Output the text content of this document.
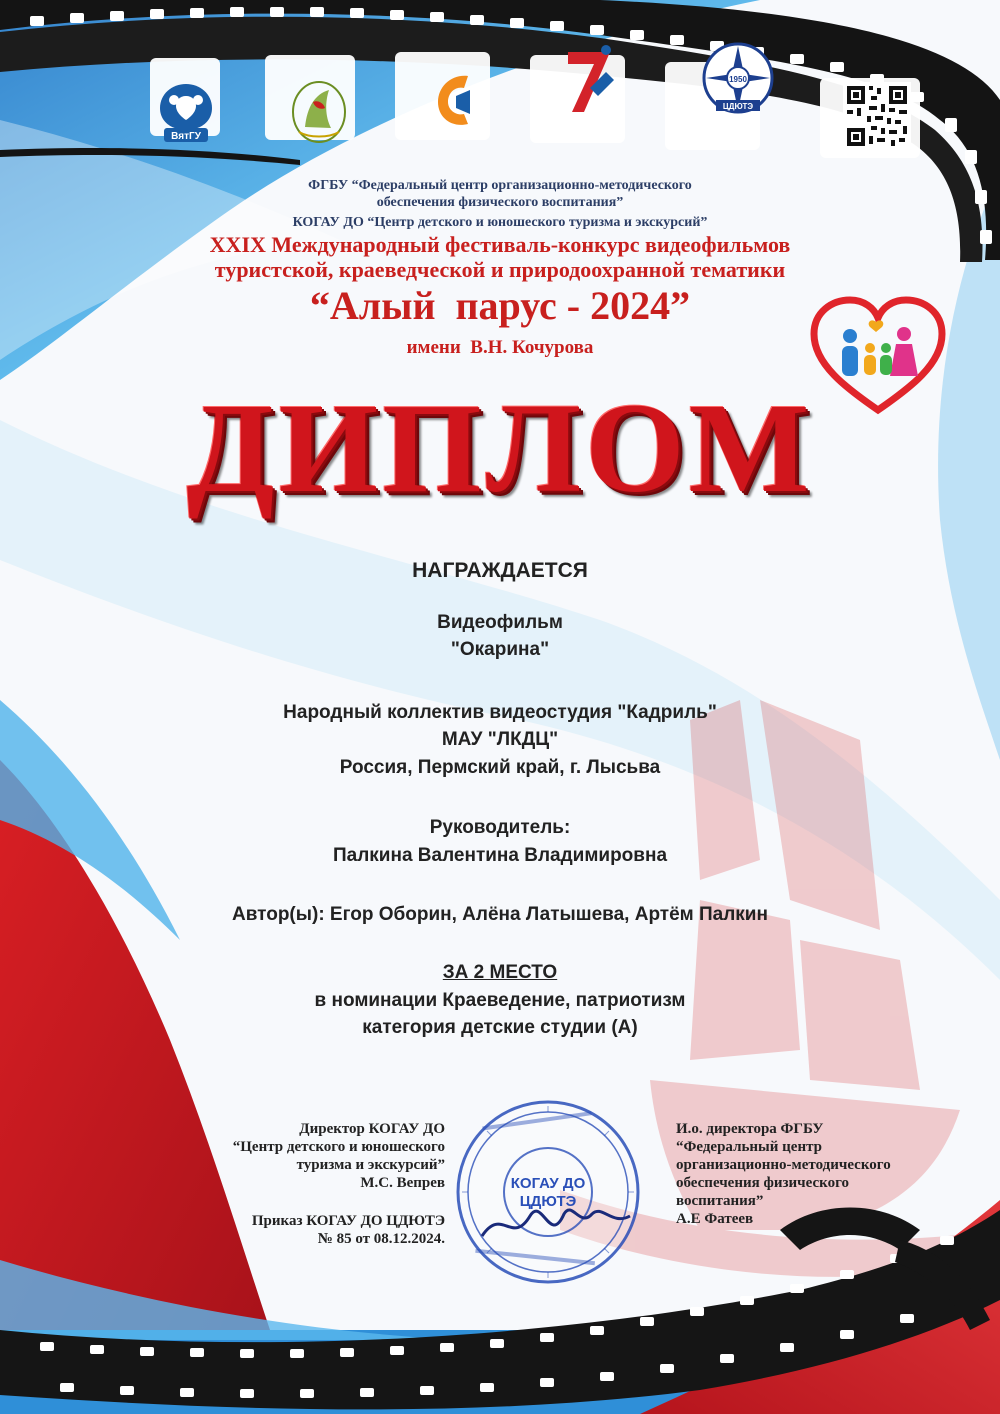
ВятГУ
1950
ЦДЮТЭ
ФГБУ “Федеральный центр организационно-методического
обеспечения физического воспитания”
КОГАУ ДО “Центр детского и юношеского туризма и экскурсий”
XXIX Международный фестиваль-конкурс видеофильмов
туристской, краеведческой и природоохранной тематики
“Алый  парус - 2024”
имени  В.Н. Кочурова
ДИПЛОМ
НАГРАЖДАЕТСЯ
Видеофильм
"Окарина"
Народный коллектив видеостудия "Кадриль"
МАУ "ЛКДЦ"
Россия, Пермский край, г. Лысьва
Руководитель:
Палкина Валентина Владимировна
Автор(ы): Егор Оборин, Алёна Латышева, Артём Палкин
ЗА 2 МЕСТО
в номинации Краеведение, патриотизм
категория детские студии (А)
Директор КОГАУ ДО
“Центр детского и юношеского
туризма и экскурсий”
М.С. Вепрев
Приказ КОГАУ ДО ЦДЮТЭ
№ 85 от 08.12.2024.
КОГАУ ДО
ЦДЮТЭ
И.о. директора ФГБУ
“Федеральный центр
организационно-методического
обеспечения физического
воспитания”
А.Е Фатеев
